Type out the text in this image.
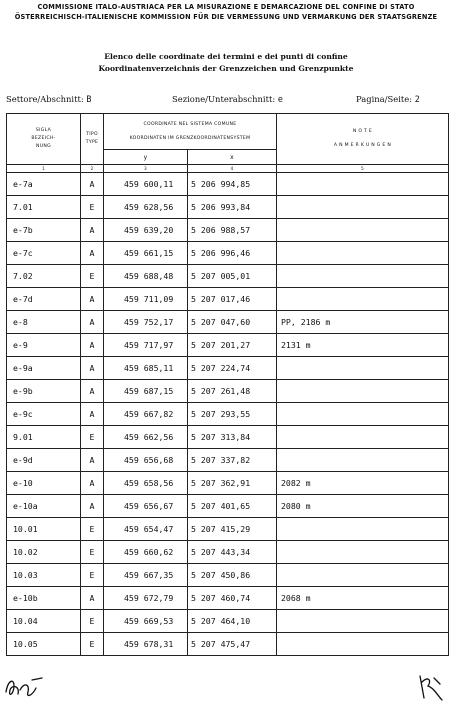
COMMISSIONE ITALO-AUSTRIACA PER LA MISURAZIONE E DEMARCAZIONE DEL CONFINE DI STATO
ÖSTERREICHISCH-ITALIENISCHE KOMMISSION FÜR DIE VERMESSUNG UND VERMARKUNG DER STAATSGRENZE
Elenco delle coordinate dei termini e dei punti di confine
Koordinatenverzeichnis der Grenzzeichen und Grenzpunkte
Settore/Abschnitt: B	Sezione/Unterabschnitt: e	Pagina/Seite: 2
SIGLA
BEZEICH-
NUNG	TIPO
TYPE	COORDINATE NEL SISTEMA COMUNE
KOORDINATEN IM GRENZKOORDINATENSYSTEM		N O T E
A N M E R K U N G E N

		y	x	
1	2	3	4	5
e-7a	A	459 600,11	5 206 994,85	
7.01	E	459 628,56	5 206 993,84	
e-7b	A	459 639,20	5 206 988,57	
e-7c	A	459 661,15	5 206 996,46	
7.02	E	459 688,48	5 207 005,01	
e-7d	A	459 711,09	5 207 017,46	
e-8	A	459 752,17	5 207 047,60	PP, 2186 m
e-9	A	459 717,97	5 207 201,27	2131 m
e-9a	A	459 685,11	5 207 224,74	
e-9b	A	459 687,15	5 207 261,48	
e-9c	A	459 667,82	5 207 293,55	
9.01	E	459 662,56	5 207 313,84	
e-9d	A	459 656,68	5 207 337,82	
e-10	A	459 658,56	5 207 362,91	2082 m
e-10a	A	459 656,67	5 207 401,65	2080 m
10.01	E	459 654,47	5 207 415,29	
10.02	E	459 660,62	5 207 443,34	
10.03	E	459 667,35	5 207 450,86	
e-10b	A	459 672,79	5 207 460,74	2068 m
10.04	E	459 669,53	5 207 464,10	
10.05	E	459 678,31	5 207 475,47	
